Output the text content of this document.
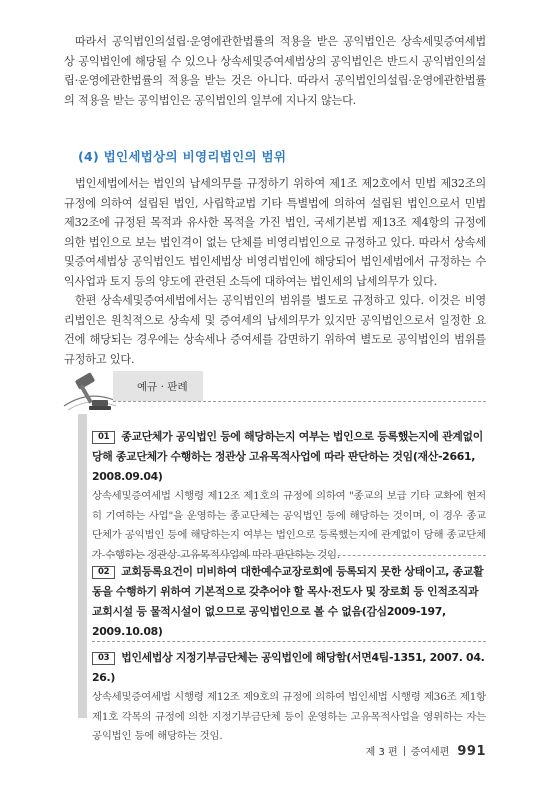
따라서 공익법인의설립·운영에관한법률의 적용을 받은 공익법인은 상속세및증여세법상 공익법인에 해당될 수 있으나 상속세및증여세법상의 공익법인은 반드시 공익법인의설립·운영에관한법률의 적용을 받는 것은 아니다. 따라서 공익법인의설립·운영에관한법률의 적용을 받는 공익법인은 공익법인의 일부에 지나지 않는다.

(4) 법인세법상의 비영리법인의 범위

법인세법에서는 법인의 납세의무를 규정하기 위하여 제1조 제2호에서 민법 제32조의 규정에 의하여 설립된 법인, 사립학교법 기타 특별법에 의하여 설립된 법인으로서 민법 제32조에 규정된 목적과 유사한 목적을 가진 법인, 국세기본법 제13조 제4항의 규정에 의한 법인으로 보는 법인격이 없는 단체를 비영리법인으로 규정하고 있다. 따라서 상속세및증여세법상 공익법인도 법인세법상 비영리법인에 해당되어 법인세법에서 규정하는 수익사업과 토지 등의 양도에 관련된 소득에 대하여는 법인세의 납세의무가 있다.

한편 상속세및증여세법에서는 공익법인의 범위를 별도로 규정하고 있다. 이것은 비영리법인은 원칙적으로 상속세 및 증여세의 납세의무가 있지만 공익법인으로서 일정한 요건에 해당되는 경우에는 상속세나 증여세를 감면하기 위하여 별도로 공익법인의 범위를 규정하고 있다.

예규 · 판례

01 종교단체가 공익법인 등에 해당하는지 여부는 법인으로 등록했는지에 관계없이 당해 종교단체가 수행하는 정관상 고유목적사업에 따라 판단하는 것임(재산-2661, 2008.09.04)

상속세및증여세법 시행령 제12조 제1호의 규정에 의하여 "종교의 보급 기타 교화에 현저히 기여하는 사업"을 운영하는 종교단체는 공익법인 등에 해당하는 것이며, 이 경우 종교단체가 공익법인 등에 해당하는지 여부는 법인으로 등록했는지에 관계없이 당해 종교단체가 수행하는 정관상 고유목적사업에 따라 판단하는 것임.

02 교회등록요건이 미비하여 대한예수교장로회에 등록되지 못한 상태이고, 종교활동을 수행하기 위하여 기본적으로 갖추어야 할 목사·전도사 및 장로회 등 인적조직과 교회시설 등 물적시설이 없으므로 공익법인으로 볼 수 없음(감심2009-197, 2009.10.08)

03 법인세법상 지정기부금단체는 공익법인에 해당함(서면4팀-1351, 2007. 04. 26.)

상속세및증여세법 시행령 제12조 제9호의 규정에 의하여 법인세법 시행령 제36조 제1항 제1호 각목의 규정에 의한 지정기부금단체 등이 운영하는 고유목적사업을 영위하는 자는 공익법인 등에 해당하는 것임.

제 3 편 증여세편 991
